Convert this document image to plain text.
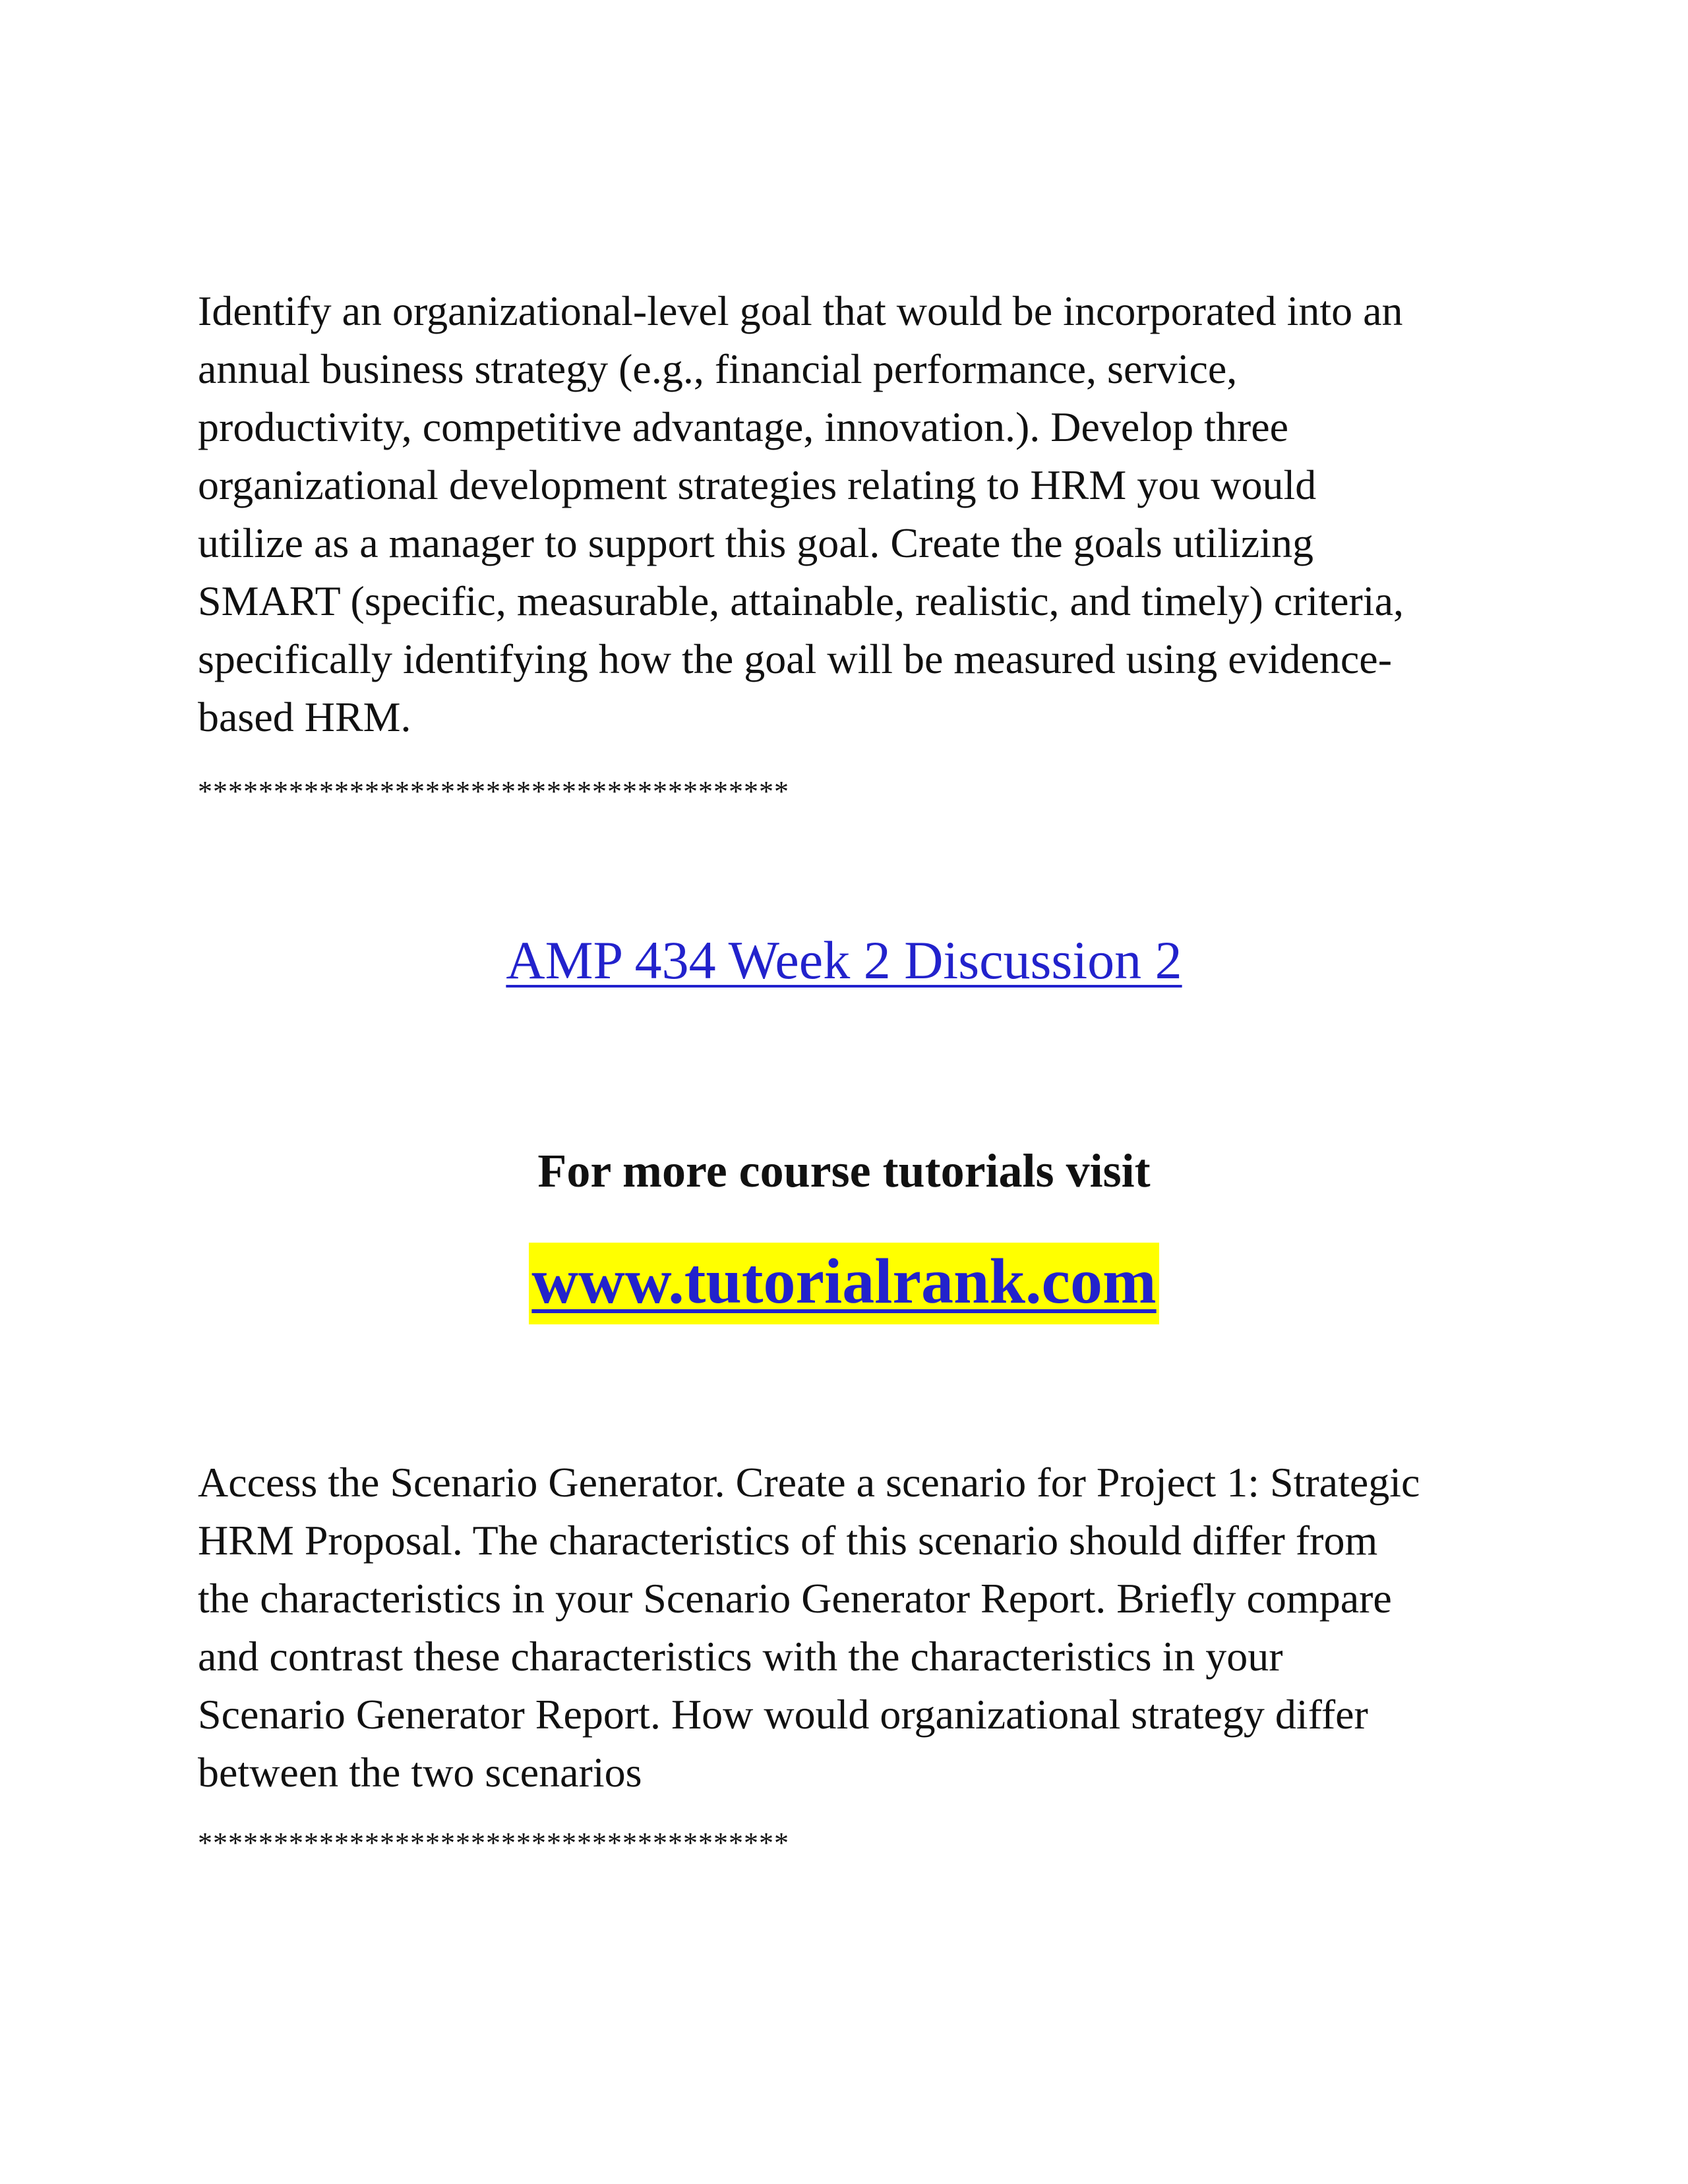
Identify an organizational-level goal that would be incorporated into an
annual business strategy (e.g., financial performance, service,
productivity, competitive advantage, innovation.). Develop three
organizational development strategies relating to HRM you would
utilize as a manager to support this goal. Create the goals utilizing
SMART (specific, measurable, attainable, realistic, and timely) criteria,
specifically identifying how the goal will be measured using evidence-
based HRM.

***************************************

AMP 434 Week 2 Discussion 2

For more course tutorials visit

www.tutorialrank.com

Access the Scenario Generator. Create a scenario for Project 1: Strategic
HRM Proposal. The characteristics of this scenario should differ from
the characteristics in your Scenario Generator Report. Briefly compare
and contrast these characteristics with the characteristics in your
Scenario Generator Report. How would organizational strategy differ
between the two scenarios

***************************************
